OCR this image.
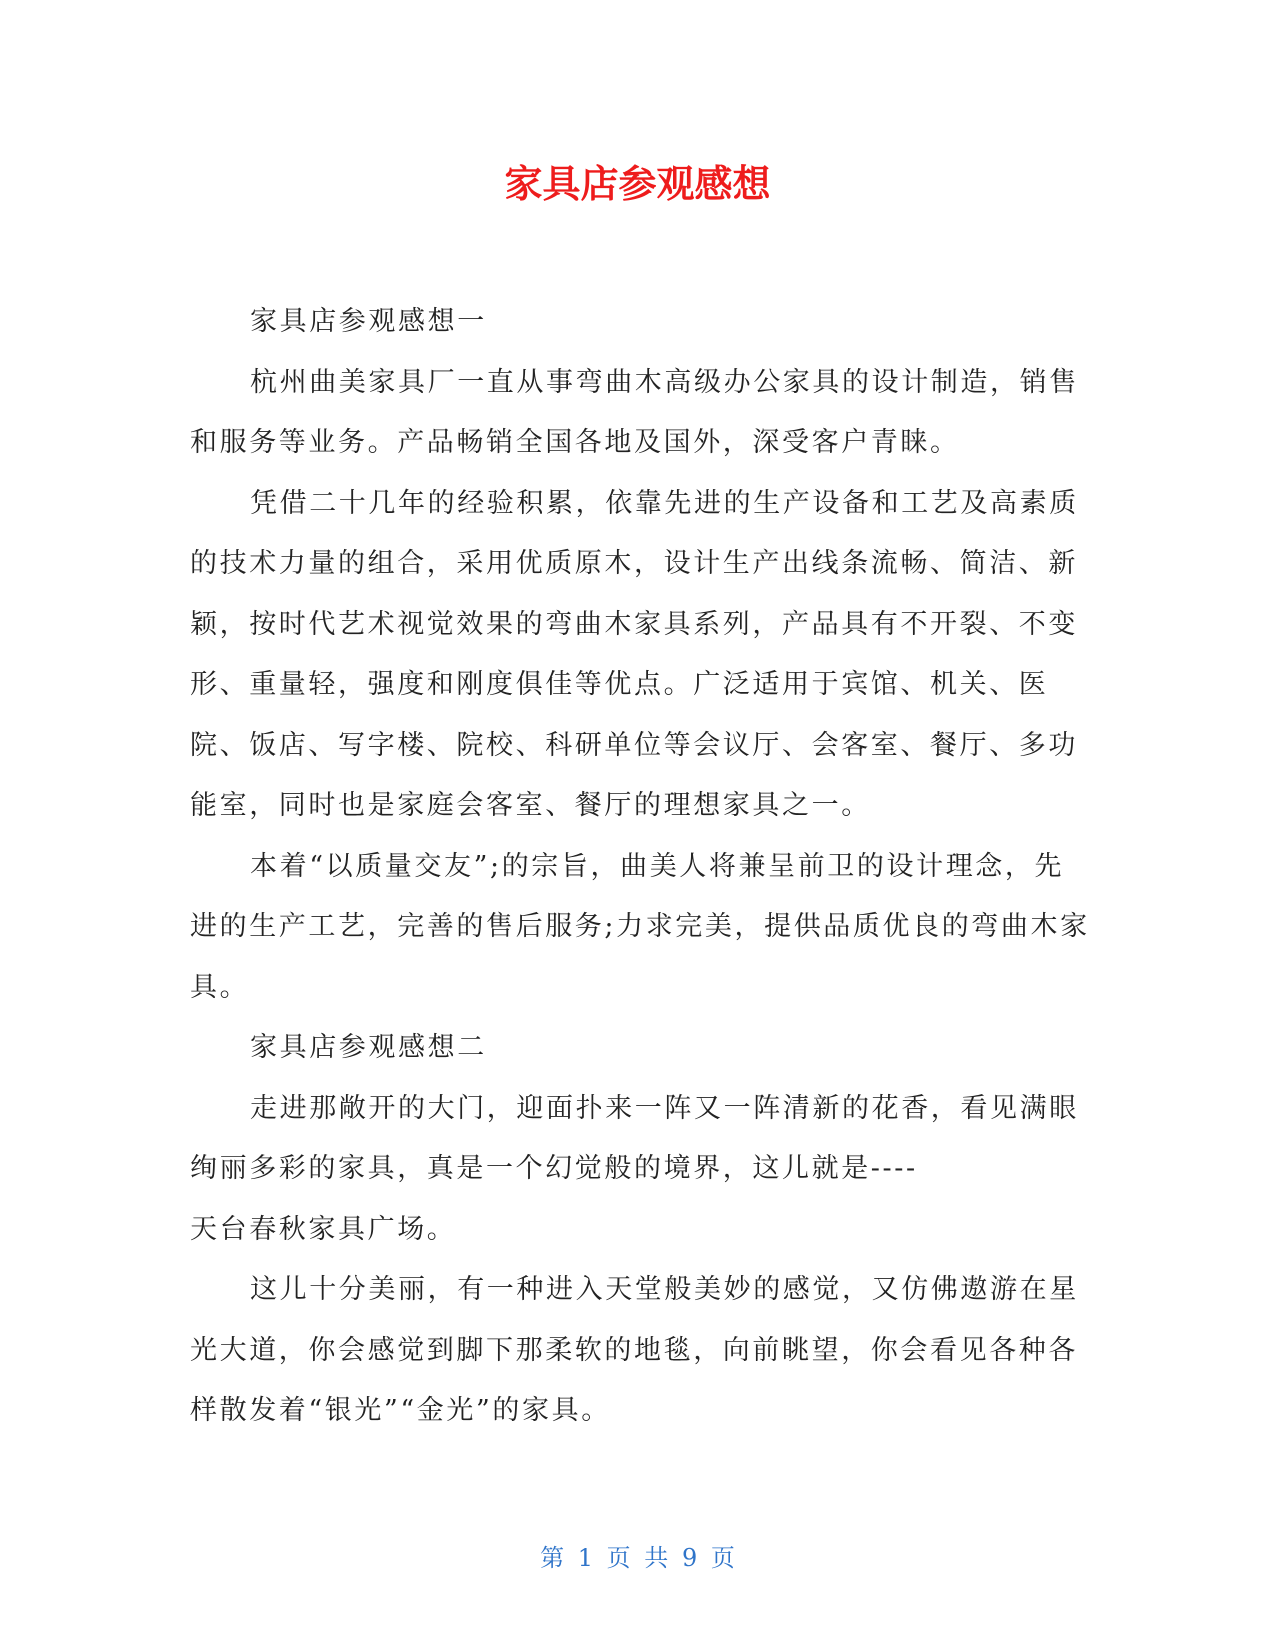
家具店参观感想

家具店参观感想一

杭州曲美家具厂一直从事弯曲木高级办公家具的设计制造，销售和服务等业务。产品畅销全国各地及国外，深受客户青睐。

凭借二十几年的经验积累，依靠先进的生产设备和工艺及高素质的技术力量的组合，采用优质原木，设计生产出线条流畅、简洁、新颖，按时代艺术视觉效果的弯曲木家具系列，产品具有不开裂、不变形、重量轻，强度和刚度俱佳等优点。广泛适用于宾馆、机关、医院、饭店、写字楼、院校、科研单位等会议厅、会客室、餐厅、多功能室，同时也是家庭会客室、餐厅的理想家具之一。

本着“以质量交友”;的宗旨，曲美人将兼呈前卫的设计理念，先进的生产工艺，完善的售后服务;力求完美，提供品质优良的弯曲木家具。

家具店参观感想二

走进那敞开的大门，迎面扑来一阵又一阵清新的花香，看见满眼绚丽多彩的家具，真是一个幻觉般的境界，这儿就是----
天台春秋家具广场。

这儿十分美丽，有一种进入天堂般美妙的感觉，又仿佛遨游在星光大道，你会感觉到脚下那柔软的地毯，向前眺望，你会看见各种各样散发着“银光”“金光”的家具。

第 1 页 共 9 页
